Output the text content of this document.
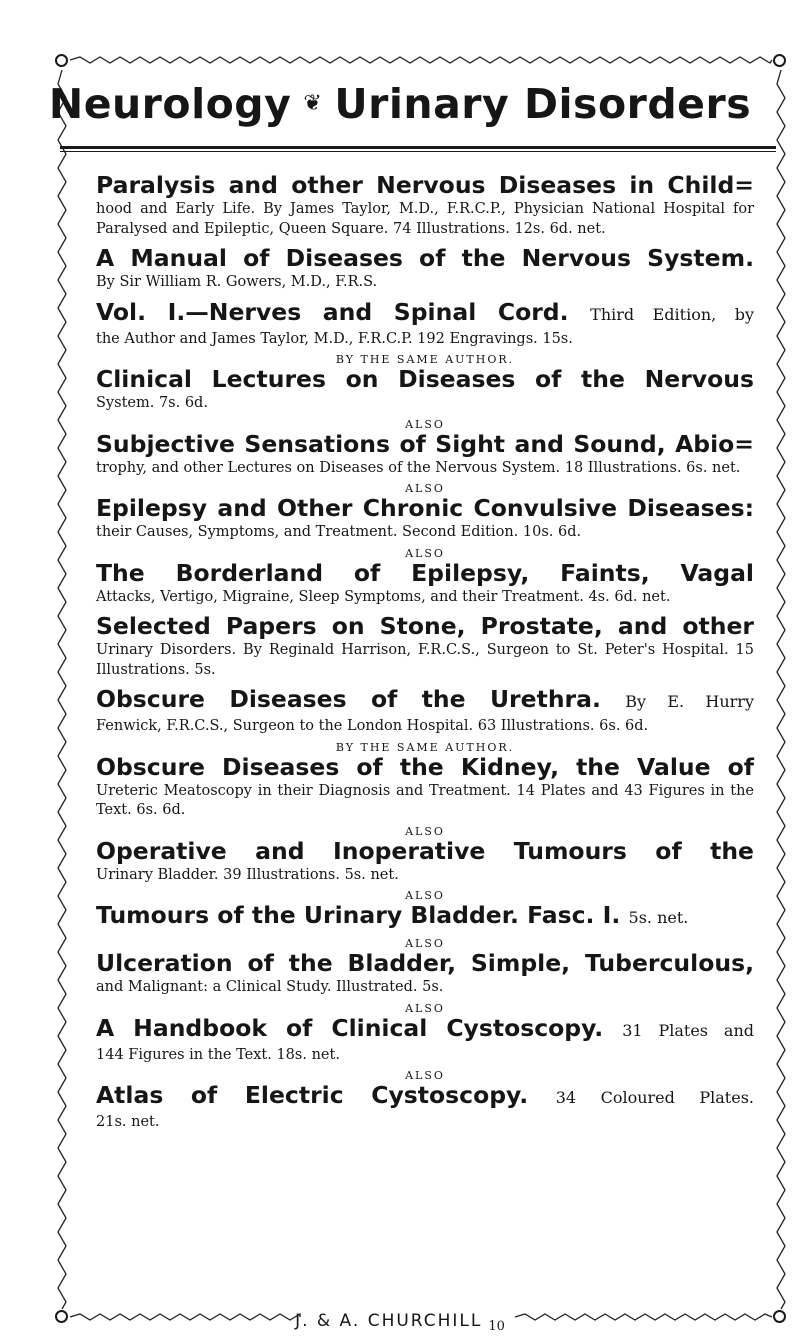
Neurology ❦ Urinary Disorders
Paralysis and other Nervous Diseases in Child=
hood and Early Life. By James Taylor, M.D., F.R.C.P., Physician National Hospital for Paralysed and Epileptic, Queen Square. 74 Illustrations. 12s. 6d. net.
A Manual of Diseases of the Nervous System.
By Sir William R. Gowers, M.D., F.R.S.
Vol. I.—Nerves and Spinal Cord. Third Edition, by
the Author and James Taylor, M.D., F.R.C.P. 192 Engravings. 15s.
BY THE SAME AUTHOR.
Clinical Lectures on Diseases of the Nervous
System. 7s. 6d.
ALSO
Subjective Sensations of Sight and Sound, Abio=
trophy, and other Lectures on Diseases of the Nervous System. 18 Illustrations. 6s. net.
ALSO
Epilepsy and Other Chronic Convulsive Diseases:
their Causes, Symptoms, and Treatment. Second Edition. 10s. 6d.
ALSO
The Borderland of Epilepsy, Faints, Vagal
Attacks, Vertigo, Migraine, Sleep Symptoms, and their Treatment. 4s. 6d. net.
Selected Papers on Stone, Prostate, and other
Urinary Disorders. By Reginald Harrison, F.R.C.S., Surgeon to St. Peter's Hospital. 15 Illustrations. 5s.
Obscure Diseases of the Urethra. By E. Hurry
Fenwick, F.R.C.S., Surgeon to the London Hospital. 63 Illustrations. 6s. 6d.
BY THE SAME AUTHOR.
Obscure Diseases of the Kidney, the Value of
Ureteric Meatoscopy in their Diagnosis and Treatment. 14 Plates and 43 Figures in the Text. 6s. 6d.
ALSO
Operative and Inoperative Tumours of the
Urinary Bladder. 39 Illustrations. 5s. net.
ALSO
Tumours of the Urinary Bladder. Fasc. I. 5s. net.
ALSO
Ulceration of the Bladder, Simple, Tuberculous,
and Malignant: a Clinical Study. Illustrated. 5s.
ALSO
A Handbook of Clinical Cystoscopy. 31 Plates and
144 Figures in the Text. 18s. net.
ALSO
Atlas of Electric Cystoscopy. 34 Coloured Plates.
21s. net.
J. & A. CHURCHILL $_{10}$
